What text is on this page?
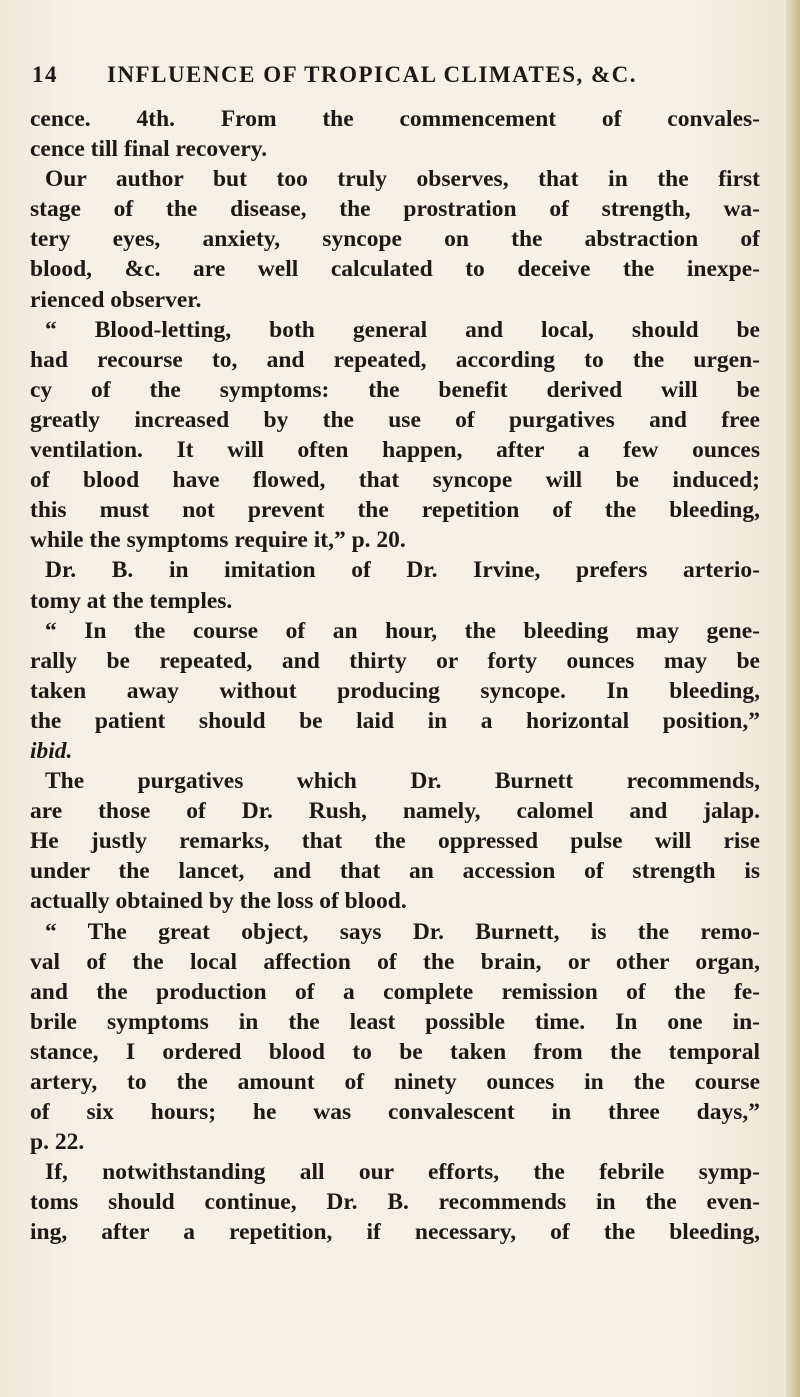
14 INFLUENCE OF TROPICAL CLIMATES, &C.
cence. 4th. From the commencement of convales-
cence till final recovery.
Our author but too truly observes, that in the first
stage of the disease, the prostration of strength, wa-
tery eyes, anxiety, syncope on the abstraction of
blood, &c. are well calculated to deceive the inexpe-
rienced observer.
“ Blood-letting, both general and local, should be
had recourse to, and repeated, according to the urgen-
cy of the symptoms: the benefit derived will be
greatly increased by the use of purgatives and free
ventilation. It will often happen, after a few ounces
of blood have flowed, that syncope will be induced;
this must not prevent the repetition of the bleeding,
while the symptoms require it,” p. 20.
Dr. B. in imitation of Dr. Irvine, prefers arterio-
tomy at the temples.
“ In the course of an hour, the bleeding may gene-
rally be repeated, and thirty or forty ounces may be
taken away without producing syncope. In bleeding,
the patient should be laid in a horizontal position,”
ibid.
The purgatives which Dr. Burnett recommends,
are those of Dr. Rush, namely, calomel and jalap.
He justly remarks, that the oppressed pulse will rise
under the lancet, and that an accession of strength is
actually obtained by the loss of blood.
“ The great object, says Dr. Burnett, is the remo-
val of the local affection of the brain, or other organ,
and the production of a complete remission of the fe-
brile symptoms in the least possible time. In one in-
stance, I ordered blood to be taken from the temporal
artery, to the amount of ninety ounces in the course
of six hours; he was convalescent in three days,”
p. 22.
If, notwithstanding all our efforts, the febrile symp-
toms should continue, Dr. B. recommends in the even-
ing, after a repetition, if necessary, of the bleeding,
